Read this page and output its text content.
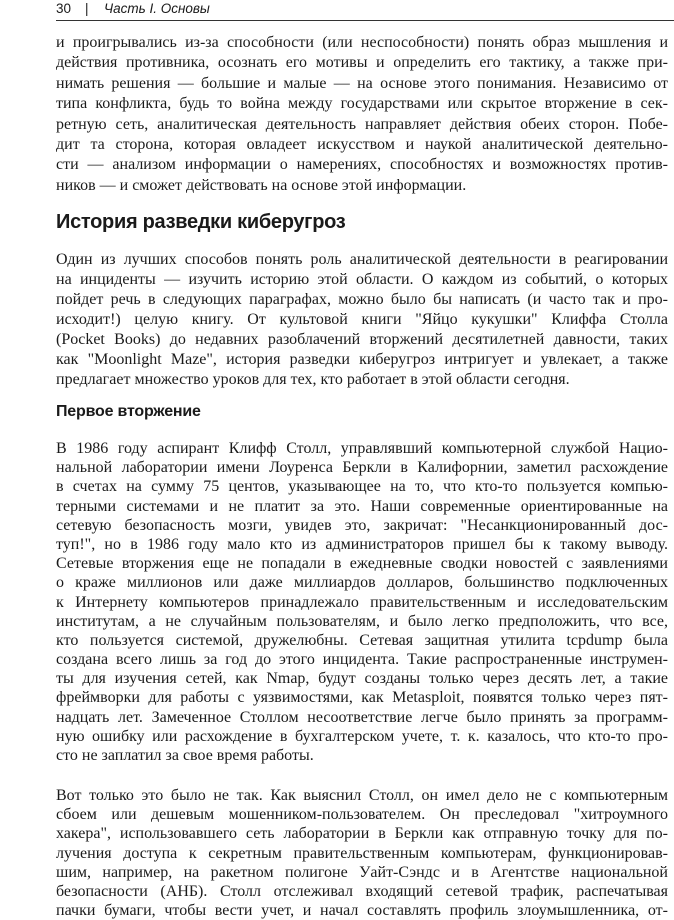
30 | Часть I. Основы
и проигрывались из-за способности (или неспособности) понять образ мышления и
действия противника, осознать его мотивы и определить его тактику, а также при-
нимать решения — большие и малые — на основе этого понимания. Независимо от
типа конфликта, будь то война между государствами или скрытое вторжение в сек-
ретную сеть, аналитическая деятельность направляет действия обеих сторон. Побе-
дит та сторона, которая овладеет искусством и наукой аналитической деятельно-
сти — анализом информации о намерениях, способностях и возможностях против-
ников — и сможет действовать на основе этой информации.
История разведки киберугроз
Один из лучших способов понять роль аналитической деятельности в реагировании
на инциденты — изучить историю этой области. О каждом из событий, о которых
пойдет речь в следующих параграфах, можно было бы написать (и часто так и про-
исходит!) целую книгу. От культовой книги "Яйцо кукушки" Клиффа Столла
(Pocket Books) до недавних разоблачений вторжений десятилетней давности, таких
как "Moonlight Maze", история разведки киберугроз интригует и увлекает, а также
предлагает множество уроков для тех, кто работает в этой области сегодня.
Первое вторжение
В 1986 году аспирант Клифф Столл, управлявший компьютерной службой Нацио-
нальной лаборатории имени Лоуренса Беркли в Калифорнии, заметил расхождение
в счетах на сумму 75 центов, указывающее на то, что кто-то пользуется компью-
терными системами и не платит за это. Наши современные ориентированные на
сетевую безопасность мозги, увидев это, закричат: "Несанкционированный дос-
туп!", но в 1986 году мало кто из администраторов пришел бы к такому выводу.
Сетевые вторжения еще не попадали в ежедневные сводки новостей с заявлениями
о краже миллионов или даже миллиардов долларов, большинство подключенных
к Интернету компьютеров принадлежало правительственным и исследовательским
институтам, а не случайным пользователям, и было легко предположить, что все,
кто пользуется системой, дружелюбны. Сетевая защитная утилита tcpdump была
создана всего лишь за год до этого инцидента. Такие распространенные инструмен-
ты для изучения сетей, как Nmap, будут созданы только через десять лет, а такие
фреймворки для работы с уязвимостями, как Metasploit, появятся только через пят-
надцать лет. Замеченное Столлом несоответствие легче было принять за программ-
ную ошибку или расхождение в бухгалтерском учете, т. к. казалось, что кто-то про-
сто не заплатил за свое время работы.
Вот только это было не так. Как выяснил Столл, он имел дело не с компьютерным
сбоем или дешевым мошенником-пользователем. Он преследовал "хитроумного
хакера", использовавшего сеть лаборатории в Беркли как отправную точку для по-
лучения доступа к секретным правительственным компьютерам, функционировав-
шим, например, на ракетном полигоне Уайт-Сэндс и в Агентстве национальной
безопасности (АНБ). Столл отслеживал входящий сетевой трафик, распечатывая
пачки бумаги, чтобы вести учет, и начал составлять профиль злоумышленника, от-
